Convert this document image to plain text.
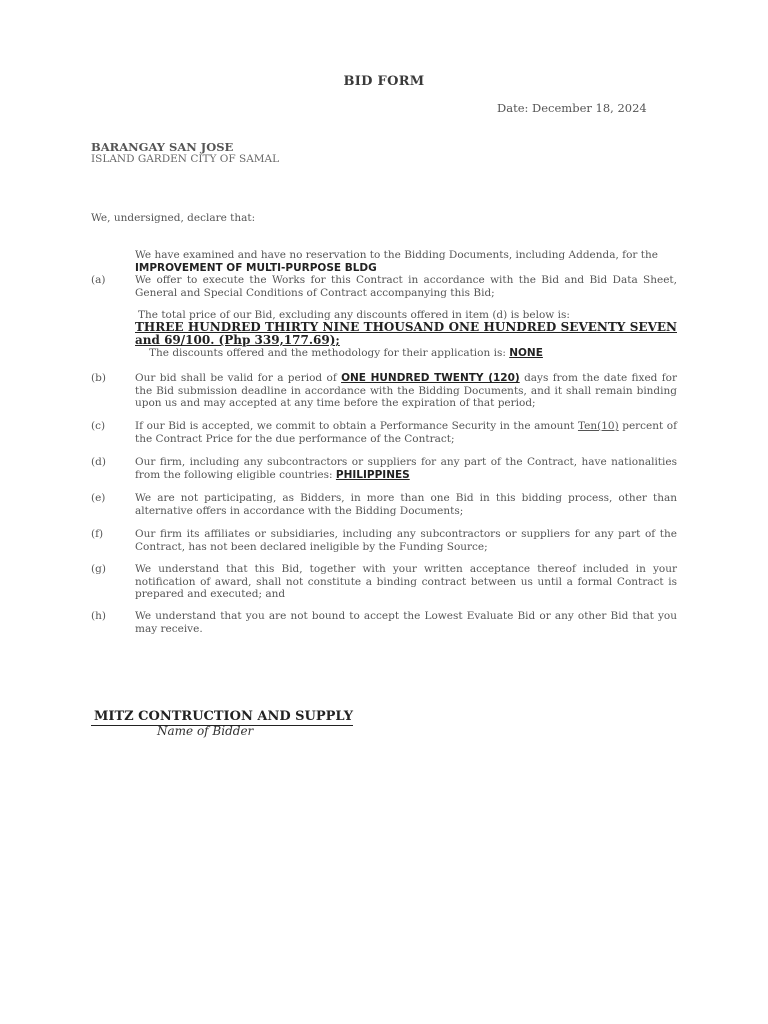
BID FORM
Date: December 18, 2024
BARANGAY SAN JOSE
ISLAND GARDEN CITY OF SAMAL
We, undersigned, declare that:
We have examined and have no reservation to the Bidding Documents, including Addenda, for the
IMPROVEMENT OF MULTI-PURPOSE BLDG
(a)	We offer to execute the Works for this Contract in accordance with the Bid and Bid Data Sheet, General and Special Conditions of Contract accompanying this Bid;
The total price of our Bid, excluding any discounts offered in item (d) is below is:
THREE HUNDRED THIRTY NINE THOUSAND ONE HUNDRED SEVENTY SEVEN and 69/100. (Php 339,177.69);
The discounts offered and the methodology for their application is: NONE
(b)	Our bid shall be valid for a period of ONE HUNDRED TWENTY (120) days from the date fixed for the Bid submission deadline in accordance with the Bidding Documents, and it shall remain binding upon us and may accepted at any time before the expiration of that period;
(c)	If our Bid is accepted, we commit to obtain a Performance Security in the amount Ten(10) percent of the Contract Price for the due performance of the Contract;
(d)	Our firm, including any subcontractors or suppliers for any part of the Contract, have nationalities from the following eligible countries: PHILIPPINES
(e)	We are not participating, as Bidders, in more than one Bid in this bidding process, other than alternative offers in accordance with the Bidding Documents;
(f)	Our firm its affiliates or subsidiaries, including any subcontractors or suppliers for any part of the Contract, has not been declared ineligible by the Funding Source;
(g)	We understand that this Bid, together with your written acceptance thereof included in your notification of award, shall not constitute a binding contract between us until a formal Contract is prepared and executed; and
(h)	We understand that you are not bound to accept the Lowest Evaluate Bid or any other Bid that you may receive.
MITZ CONTRUCTION AND SUPPLY
Name of Bidder
